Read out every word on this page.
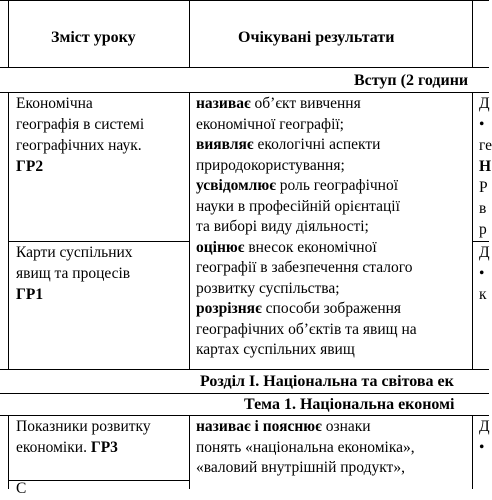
Зміст уроку	Очікувані результати
Вступ (2 години
Економічна
географія в системі
географічних наук.
ГР2
Карти суспільних
явищ та процесів
ГР1
називає об’єкт вивчення
економічної географії;
виявляє екологічні аспекти
природокористування;
усвідомлює роль географічної
науки в професійній орієнтації
та виборі виду діяльності;
оцінює внесок економічної
географії в забезпечення сталого
розвитку суспільства;
розрізняє способи зображення
географічних об’єктів та явищ на
картах суспільних явищ
Д
•
ге
Н
Р
в
р
Д
•
к
Розділ І. Національна та світова ек
Тема 1. Національна економі
Показники розвитку
економіки. ГР3
називає і пояснює ознаки
понять «національна економіка»,
«валовий внутрішній продукт»,
Д
•
С
